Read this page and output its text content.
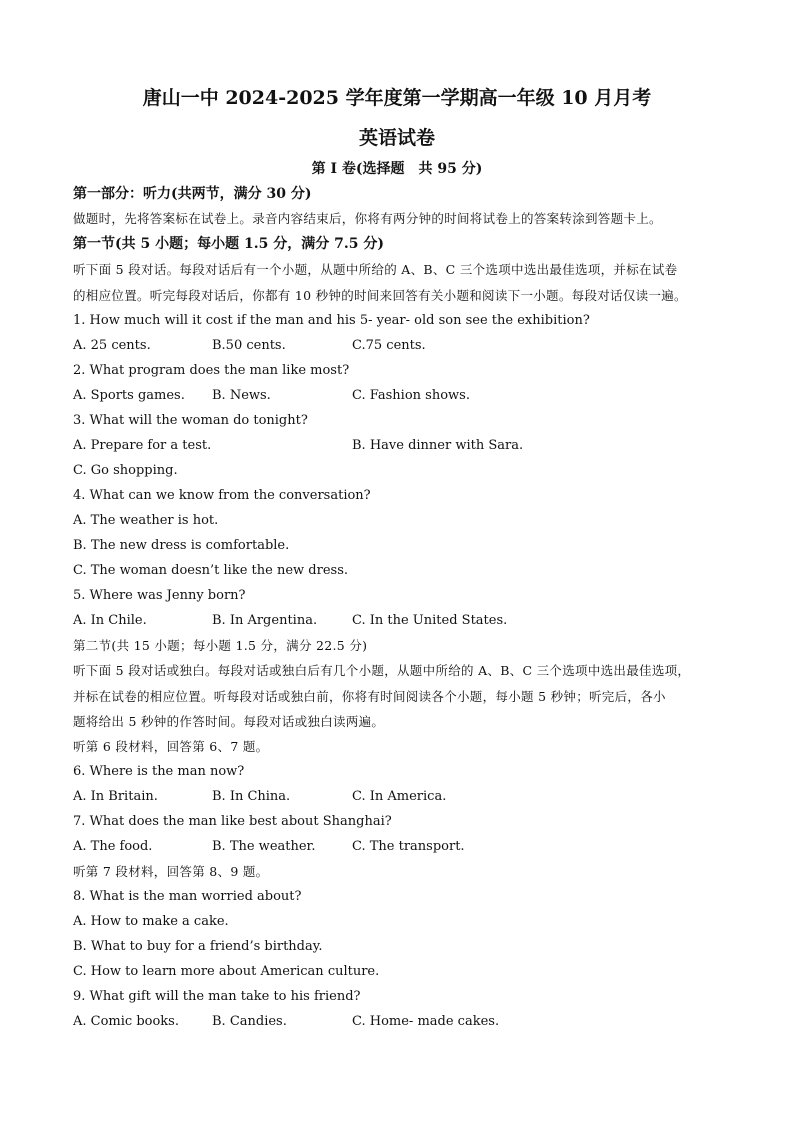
唐山一中 2024-2025 学年度第一学期高一年级 10 月月考
英语试卷
第 I 卷(选择题　共 95 分)
第一部分：听力(共两节，满分 30 分)
做题时，先将答案标在试卷上。录音内容结束后，你将有两分钟的时间将试卷上的答案转涂到答题卡上。
第一节(共 5 小题；每小题 1.5 分，满分 7.5 分)
听下面 5 段对话。每段对话后有一个小题，从题中所给的 A、B、C 三个选项中选出最佳选项，并标在试卷
的相应位置。听完每段对话后，你都有 10 秒钟的时间来回答有关小题和阅读下一小题。每段对话仅读一遍。
1. How much will it cost if the man and his 5- year- old son see the exhibition?
A. 25 cents.	B.50 cents.	C.75 cents.
2. What program does the man like most?
A. Sports games. B. News.	C. Fashion shows.
3. What will the woman do tonight?
A. Prepare for a test.	B. Have dinner with Sara.
C. Go shopping.
4. What can we know from the conversation?
A. The weather is hot.
B. The new dress is comfortable.
C. The woman doesn’t like the new dress.
5. Where was Jenny born?
A. In Chile.	B. In Argentina.	C. In the United States.
第二节(共 15 小题；每小题 1.5 分，满分 22.5 分)
听下面 5 段对话或独白。每段对话或独白后有几个小题，从题中所给的 A、B、C 三个选项中选出最佳选项，
并标在试卷的相应位置。听每段对话或独白前，你将有时间阅读各个小题，每小题 5 秒钟；听完后，各小
题将给出 5 秒钟的作答时间。每段对话或独白读两遍。
听第 6 段材料，回答第 6、7 题。
6. Where is the man now?
A. In Britain.	B. In China.	C. In America.
7. What does the man like best about Shanghai?
A. The food.	B. The weather.	C. The transport.
听第 7 段材料，回答第 8、9 题。
8. What is the man worried about?
A. How to make a cake.
B. What to buy for a friend’s birthday.
C. How to learn more about American culture.
9. What gift will the man take to his friend?
A. Comic books.	B. Candies.	C. Home- made cakes.
